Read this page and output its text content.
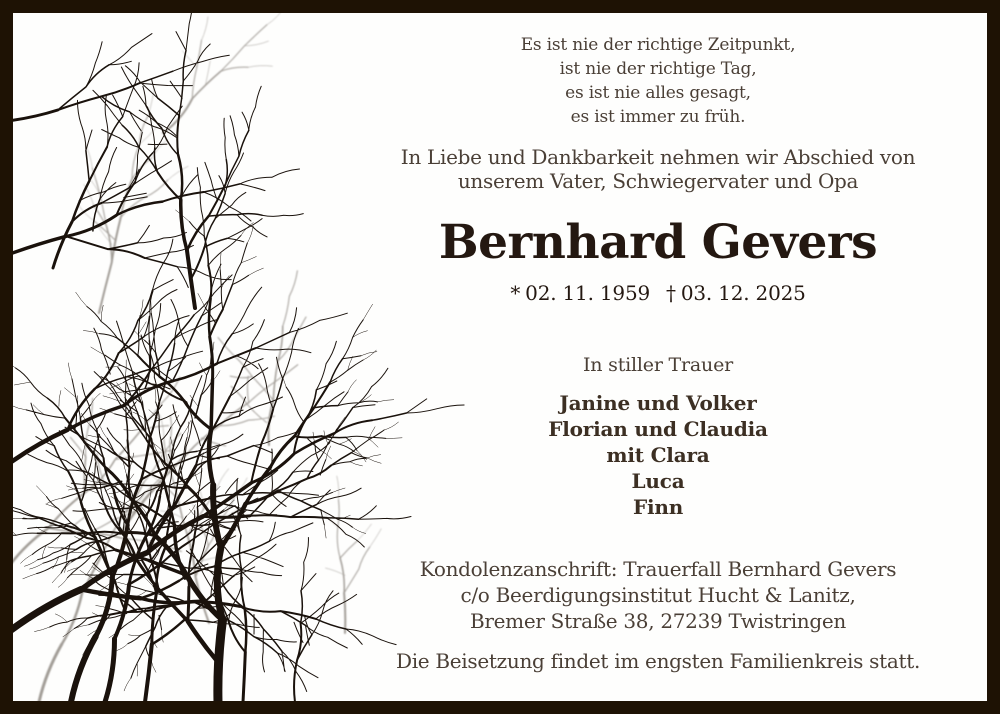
Es ist nie der richtige Zeitpunkt,
ist nie der richtige Tag,
es ist nie alles gesagt,
es ist immer zu früh.
In Liebe und Dankbarkeit nehmen wir Abschied von
unserem Vater, Schwiegervater und Opa
Bernhard Gevers
* 02. 11. 1959 † 03. 12. 2025
In stiller Trauer
Janine und Volker
Florian und Claudia
mit Clara
Luca
Finn
Kondolenzanschrift: Trauerfall Bernhard Gevers
c/o Beerdigungsinstitut Hucht & Lanitz,
Bremer Straße 38, 27239 Twistringen
Die Beisetzung findet im engsten Familienkreis statt.
